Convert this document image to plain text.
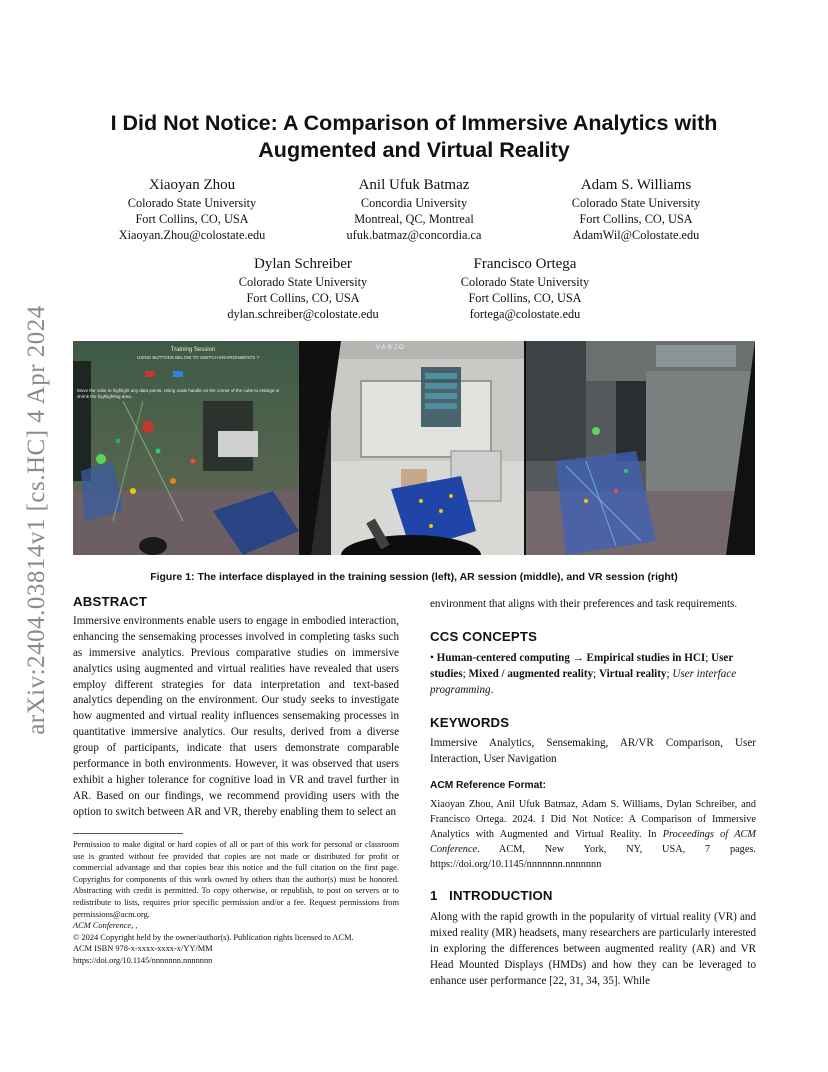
arXiv:2404.03814v1 [cs.HC] 4 Apr 2024
I Did Not Notice: A Comparison of Immersive Analytics with
Augmented and Virtual Reality
Xiaoyan Zhou
Colorado State University
Fort Collins, CO, USA
Xiaoyan.Zhou@colostate.edu
Anil Ufuk Batmaz
Concordia University
Montreal, QC, Montreal
ufuk.batmaz@concordia.ca
Adam S. Williams
Colorado State University
Fort Collins, CO, USA
AdamWil@Colostate.edu
Dylan Schreiber
Colorado State University
Fort Collins, CO, USA
dylan.schreiber@colostate.edu
Francisco Ortega
Colorado State University
Fort Collins, CO, USA
fortega@colostate.edu
Training Session
USING BUTTONS BELOW TO SWITCH ENVIRONMENTS ?
Move the cube to highlight any data points. Using scale handle on the corner of the cube to enlarge or shrink the highlighting area.
VARJO
Figure 1: The interface displayed in the training session (left), AR session (middle), and VR session (right)
ABSTRACT

Immersive environments enable users to engage in embodied interaction, enhancing the sensemaking processes involved in completing tasks such as immersive analytics. Previous comparative studies on immersive analytics using augmented and virtual realities have revealed that users employ different strategies for data interpretation and text-based analytics depending on the environment. Our study seeks to investigate how augmented and virtual reality influences sensemaking processes in quantitative immersive analytics. Our results, derived from a diverse group of participants, indicate that users demonstrate comparable performance in both environments. However, it was observed that users exhibit a higher tolerance for cognitive load in VR and travel further in AR. Based on our findings, we recommend providing users with the option to switch between AR and VR, thereby enabling them to select an

Permission to make digital or hard copies of all or part of this work for personal or classroom use is granted without fee provided that copies are not made or distributed for profit or commercial advantage and that copies bear this notice and the full citation on the first page. Copyrights for components of this work owned by others than the author(s) must be honored. Abstracting with credit is permitted. To copy otherwise, or republish, to post on servers or to redistribute to lists, requires prior specific permission and/or a fee. Request permissions from permissions@acm.org.

ACM Conference, ,

© 2024 Copyright held by the owner/author(s). Publication rights licensed to ACM.

ACM ISBN 978-x-xxxx-xxxx-x/YY/MM

https://doi.org/10.1145/nnnnnnn.nnnnnnn

environment that aligns with their preferences and task requirements.

CCS CONCEPTS

• Human-centered computing → Empirical studies in HCI; User studies; Mixed / augmented reality; Virtual reality; User interface programming.

KEYWORDS

Immersive Analytics, Sensemaking, AR/VR Comparison, User Interaction, User Navigation

ACM Reference Format:

Xiaoyan Zhou, Anil Ufuk Batmaz, Adam S. Williams, Dylan Schreiber, and Francisco Ortega. 2024. I Did Not Notice: A Comparison of Immersive Analytics with Augmented and Virtual Reality. In Proceedings of ACM Conference. ACM, New York, NY, USA, 7 pages. https://doi.org/10.1145/nnnnnnn.nnnnnnn

1   INTRODUCTION

Along with the rapid growth in the popularity of virtual reality (VR) and mixed reality (MR) headsets, many researchers are particularly interested in exploring the differences between augmented reality (AR) and VR Head Mounted Displays (HMDs) and how they can be leveraged to enhance user performance [22, 31, 34, 35]. While
